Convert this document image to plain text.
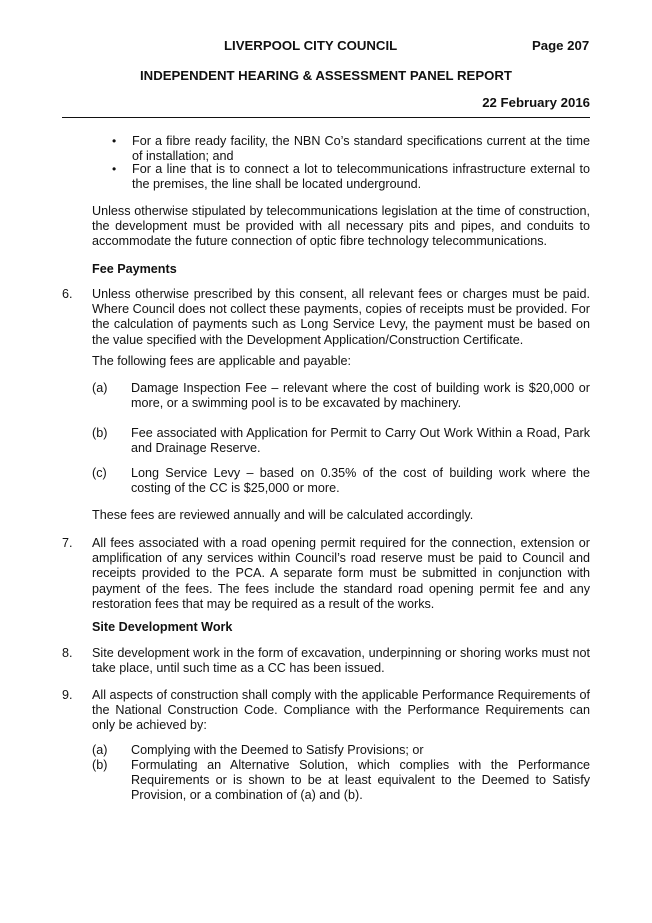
LIVERPOOL CITY COUNCIL	Page 207
INDEPENDENT HEARING & ASSESSMENT PANEL REPORT
22 February 2016
• For a fibre ready facility, the NBN Co’s standard specifications current at the time of installation; and
• For a line that is to connect a lot to telecommunications infrastructure external to the premises, the line shall be located underground.
Unless otherwise stipulated by telecommunications legislation at the time of construction, the development must be provided with all necessary pits and pipes, and conduits to accommodate the future connection of optic fibre technology telecommunications.
Fee Payments
6. Unless otherwise prescribed by this consent, all relevant fees or charges must be paid. Where Council does not collect these payments, copies of receipts must be provided. For the calculation of payments such as Long Service Levy, the payment must be based on the value specified with the Development Application/Construction Certificate.
The following fees are applicable and payable:
(a) Damage Inspection Fee – relevant where the cost of building work is $20,000 or more, or a swimming pool is to be excavated by machinery.
(b) Fee associated with Application for Permit to Carry Out Work Within a Road, Park and Drainage Reserve.
(c) Long Service Levy – based on 0.35% of the cost of building work where the costing of the CC is $25,000 or more.
These fees are reviewed annually and will be calculated accordingly.
7. All fees associated with a road opening permit required for the connection, extension or amplification of any services within Council’s road reserve must be paid to Council and receipts provided to the PCA. A separate form must be submitted in conjunction with payment of the fees. The fees include the standard road opening permit fee and any restoration fees that may be required as a result of the works.
Site Development Work
8. Site development work in the form of excavation, underpinning or shoring works must not take place, until such time as a CC has been issued.
9. All aspects of construction shall comply with the applicable Performance Requirements of the National Construction Code. Compliance with the Performance Requirements can only be achieved by:
(a) Complying with the Deemed to Satisfy Provisions; or
(b) Formulating an Alternative Solution, which complies with the Performance Requirements or is shown to be at least equivalent to the Deemed to Satisfy Provision, or a combination of (a) and (b).
